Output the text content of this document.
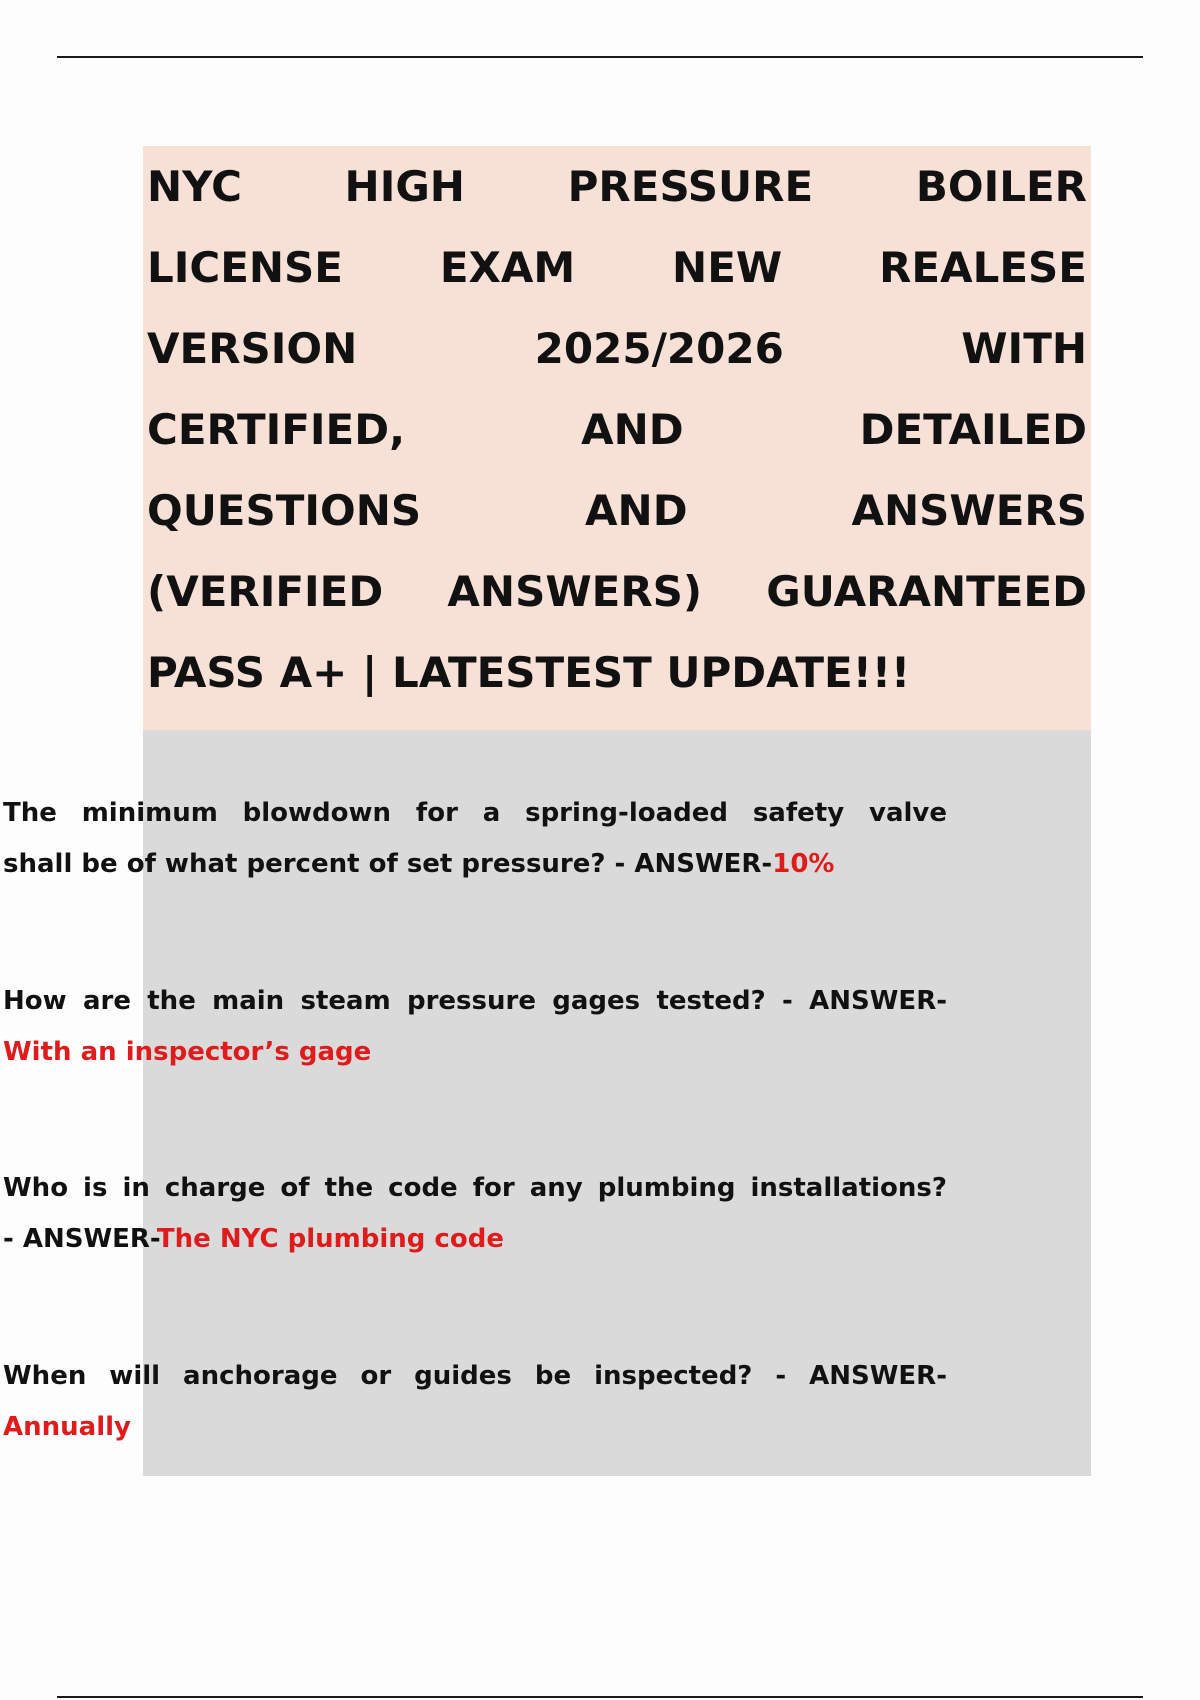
NYC HIGH PRESSURE BOILER
LICENSE EXAM NEW REALESE
VERSION 2025/2026 WITH
CERTIFIED, AND DETAILED
QUESTIONS AND ANSWERS
(VERIFIED ANSWERS) GUARANTEED
PASS A+ | LATESTEST UPDATE!!!
The minimum blowdown for a spring-loaded safety valve
shall be of what percent of set pressure? - ANSWER-10%
How are the main steam pressure gages tested? - ANSWER-
With an inspector’s gage
Who is in charge of the code for any plumbing installations?
- ANSWER-The NYC plumbing code
When will anchorage or guides be inspected? - ANSWER-
Annually
